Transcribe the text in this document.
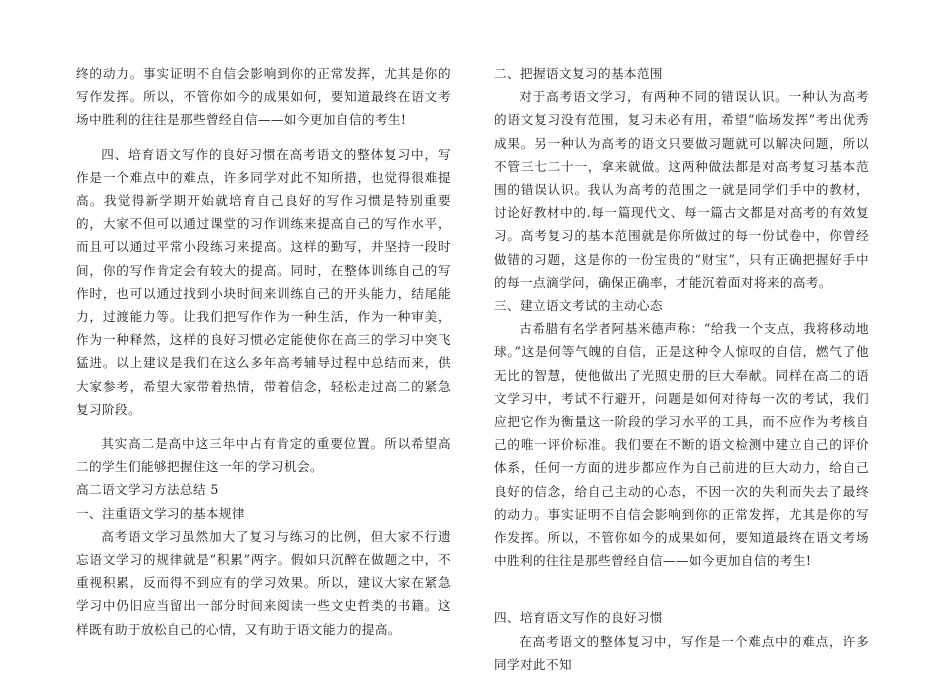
终的动力。事实证明不自信会影响到你的正常发挥，尤其是你的写作发挥。所以，不管你如今的成果如何，要知道最终在语文考场中胜利的往往是那些曾经自信——如今更加自信的考生!

四、培育语文写作的良好习惯在高考语文的整体复习中，写作是一个难点中的难点，许多同学对此不知所措，也觉得很难提高。我觉得新学期开始就培育自己良好的写作习惯是特别重要的，大家不但可以通过课堂的习作训练来提高自己的写作水平，而且可以通过平常小段练习来提高。这样的勤写，并坚持一段时间，你的写作肯定会有较大的提高。同时，在整体训练自己的写作时，也可以通过找到小块时间来训练自己的开头能力，结尾能力，过渡能力等。让我们把写作作为一种生活，作为一种审美，作为一种释然，这样的良好习惯必定能使你在高三的学习中突飞猛进。以上建议是我们在这么多年高考辅导过程中总结而来，供大家参考，希望大家带着热情，带着信念，轻松走过高二的紧急复习阶段。

其实高二是高中这三年中占有肯定的重要位置。所以希望高二的学生们能够把握住这一年的学习机会。

高二语文学习方法总结 5

一、注重语文学习的基本规律

高考语文学习虽然加大了复习与练习的比例，但大家不行遗忘语文学习的规律就是“积累”两字。假如只沉醉在做题之中，不重视积累，反而得不到应有的学习效果。所以，建议大家在紧急学习中仍旧应当留出一部分时间来阅读一些文史哲类的书籍。这样既有助于放松自己的心情，又有助于语文能力的提高。

二、把握语文复习的基本范围

对于高考语文学习，有两种不同的错误认识。一种认为高考的语文复习没有范围，复习未必有用，希望“临场发挥”考出优秀成果。另一种认为高考的语文只要做习题就可以解决问题，所以不管三七二十一，拿来就做。这两种做法都是对高考复习基本范围的错误认识。我认为高考的范围之一就是同学们手中的教材，讨论好教材中的.每一篇现代文、每一篇古文都是对高考的有效复习。高考复习的基本范围就是你所做过的每一份试卷中，你曾经做错的习题，这是你的一份宝贵的“财宝”，只有正确把握好手中的每一点滴学问，确保正确率，才能沉着面对将来的高考。

三、建立语文考试的主动心态

古希腊有名学者阿基米德声称：“给我一个支点，我将移动地球。”这是何等气魄的自信，正是这种令人惊叹的自信，燃气了他无比的智慧，使他做出了光照史册的巨大奉献。同样在高二的语文学习中，考试不行避开，问题是如何对待每一次的考试，我们应把它作为衡量这一阶段的学习水平的工具，而不应作为考核自己的唯一评价标准。我们要在不断的语文检测中建立自己的评价体系，任何一方面的进步都应作为自己前进的巨大动力，给自己良好的信念，给自己主动的心态，不因一次的失利而失去了最终的动力。事实证明不自信会影响到你的正常发挥，尤其是你的写作发挥。所以，不管你如今的成果如何，要知道最终在语文考场中胜利的往往是那些曾经自信——如今更加自信的考生!

四、培育语文写作的良好习惯

在高考语文的整体复习中，写作是一个难点中的难点，许多同学对此不知
